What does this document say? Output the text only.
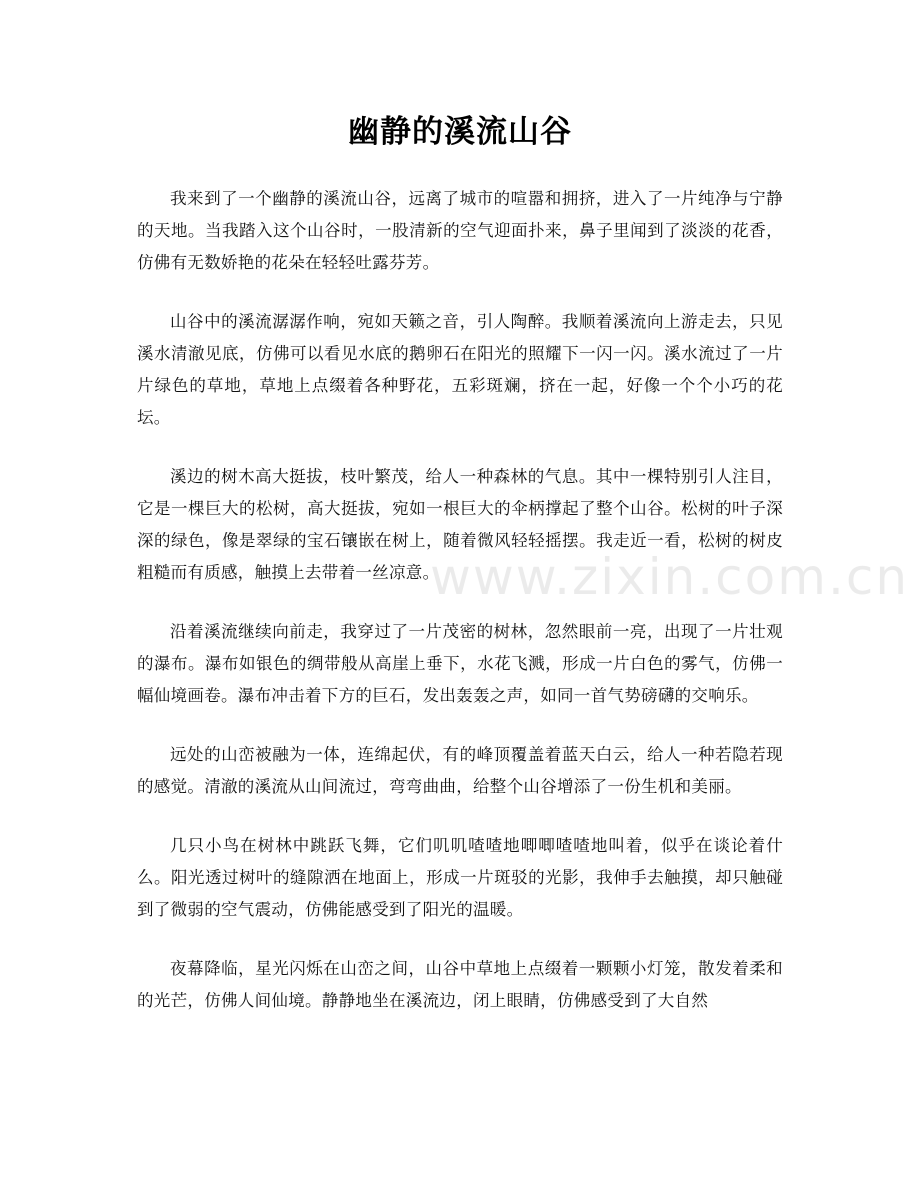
幽静的溪流山谷

我来到了一个幽静的溪流山谷，远离了城市的喧嚣和拥挤，进入了一片纯净与宁静的天地。当我踏入这个山谷时，一股清新的空气迎面扑来，鼻子里闻到了淡淡的花香，仿佛有无数娇艳的花朵在轻轻吐露芬芳。

山谷中的溪流潺潺作响，宛如天籁之音，引人陶醉。我顺着溪流向上游走去，只见溪水清澈见底，仿佛可以看见水底的鹅卵石在阳光的照耀下一闪一闪。溪水流过了一片片绿色的草地，草地上点缀着各种野花，五彩斑斓，挤在一起，好像一个个小巧的花坛。

溪边的树木高大挺拔，枝叶繁茂，给人一种森林的气息。其中一棵特别引人注目，它是一棵巨大的松树，高大挺拔，宛如一根巨大的伞柄撑起了整个山谷。松树的叶子深深的绿色，像是翠绿的宝石镶嵌在树上，随着微风轻轻摇摆。我走近一看，松树的树皮粗糙而有质感，触摸上去带着一丝凉意。

沿着溪流继续向前走，我穿过了一片茂密的树林，忽然眼前一亮，出现了一片壮观的瀑布。瀑布如银色的绸带般从高崖上垂下，水花飞溅，形成一片白色的雾气，仿佛一幅仙境画卷。瀑布冲击着下方的巨石，发出轰轰之声，如同一首气势磅礴的交响乐。

远处的山峦被融为一体，连绵起伏，有的峰顶覆盖着蓝天白云，给人一种若隐若现的感觉。清澈的溪流从山间流过，弯弯曲曲，给整个山谷增添了一份生机和美丽。

几只小鸟在树林中跳跃飞舞，它们叽叽喳喳地唧唧喳喳地叫着，似乎在谈论着什么。阳光透过树叶的缝隙洒在地面上，形成一片斑驳的光影，我伸手去触摸，却只触碰到了微弱的空气震动，仿佛能感受到了阳光的温暖。

夜幕降临，星光闪烁在山峦之间，山谷中草地上点缀着一颗颗小灯笼，散发着柔和的光芒，仿佛人间仙境。静静地坐在溪流边，闭上眼睛，仿佛感受到了大自然

www.zixin.com.cn
